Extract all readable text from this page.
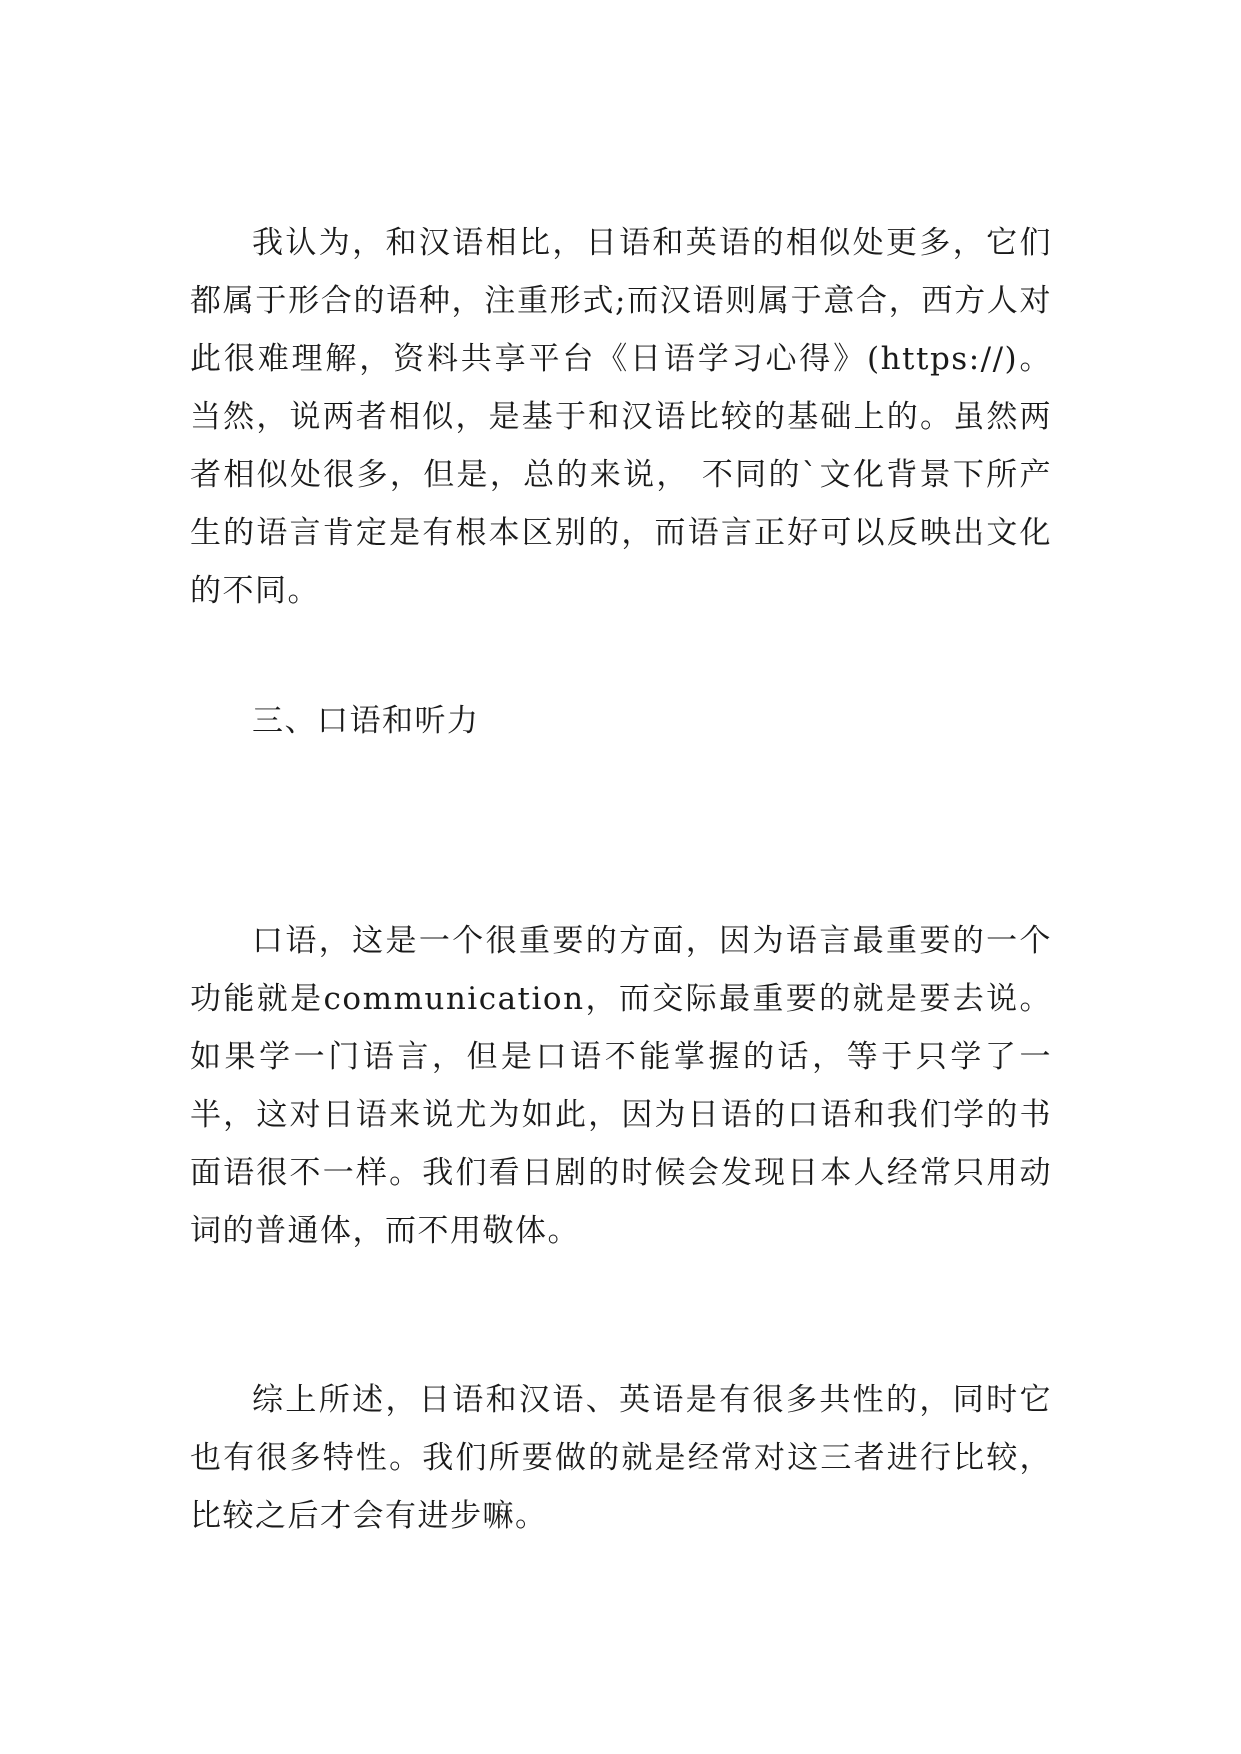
我认为，和汉语相比，日语和英语的相似处更多，它们都属于形合的语种，注重形式;而汉语则属于意合，西方人对此很难理解，资料共享平台《日语学习心得》(https://)。当然，说两者相似，是基于和汉语比较的基础上的。虽然两者相似处很多，但是，总的来说， 不同的`文化背景下所产生的语言肯定是有根本区别的，而语言正好可以反映出文化的不同。

三、口语和听力

口语，这是一个很重要的方面，因为语言最重要的一个功能就是communication，而交际最重要的就是要去说。如果学一门语言，但是口语不能掌握的话，等于只学了一半，这对日语来说尤为如此，因为日语的口语和我们学的书面语很不一样。我们看日剧的时候会发现日本人经常只用动词的普通体，而不用敬体。

综上所述，日语和汉语、英语是有很多共性的，同时它也有很多特性。我们所要做的就是经常对这三者进行比较，比较之后才会有进步嘛。
